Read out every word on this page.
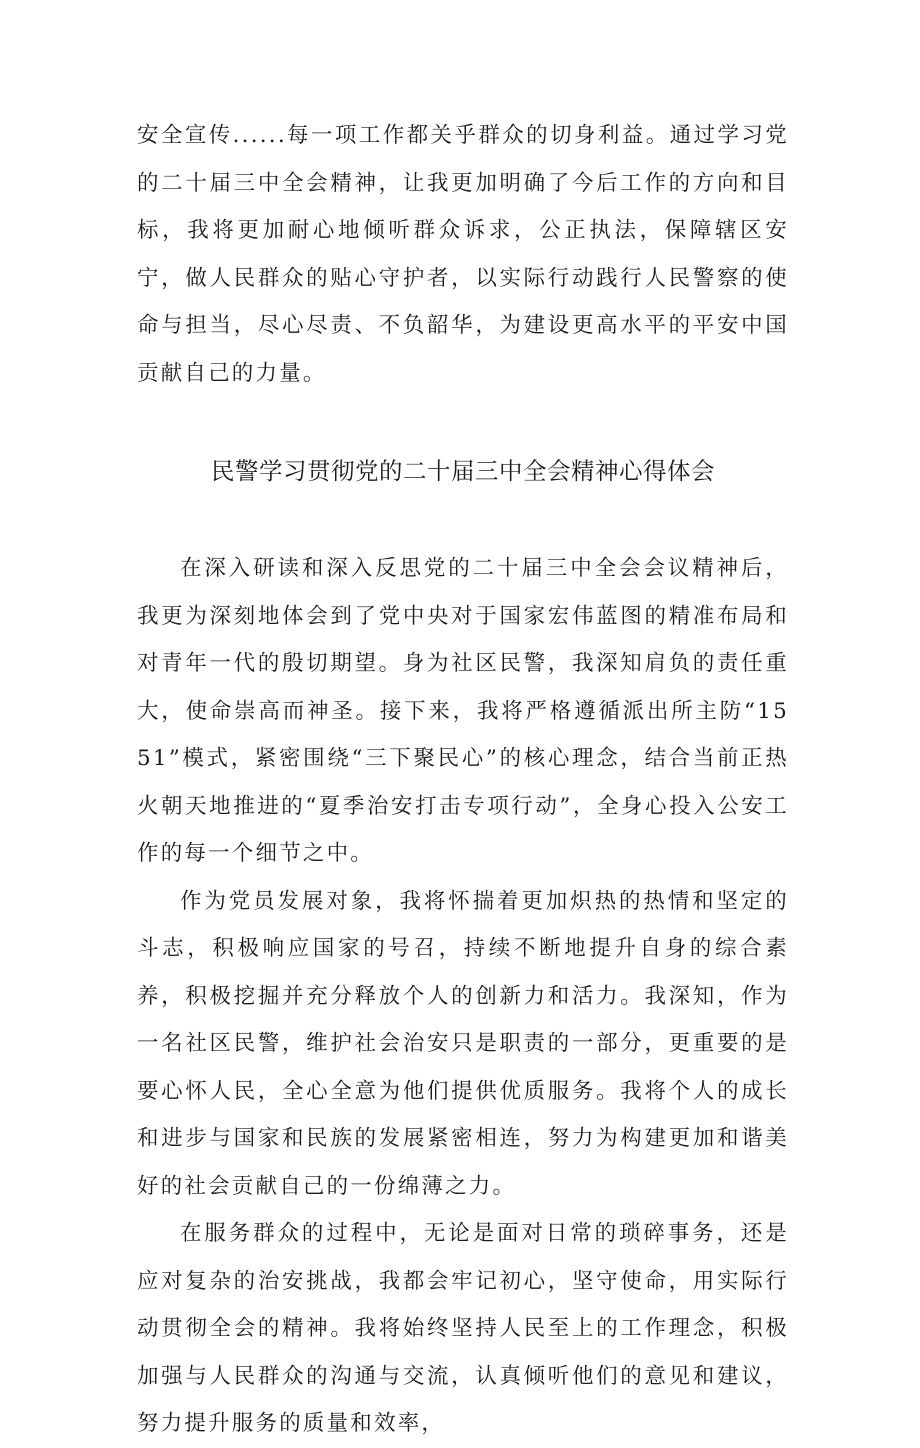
安全宣传......每一项工作都关乎群众的切身利益。通过学习党的二十届三中全会精神，让我更加明确了今后工作的方向和目标，我将更加耐心地倾听群众诉求，公正执法，保障辖区安宁，做人民群众的贴心守护者，以实际行动践行人民警察的使命与担当，尽心尽责、不负韶华，为建设更高水平的平安中国贡献自己的力量。

民警学习贯彻党的二十届三中全会精神心得体会

在深入研读和深入反思党的二十届三中全会会议精神后，我更为深刻地体会到了党中央对于国家宏伟蓝图的精准布局和对青年一代的殷切期望。身为社区民警，我深知肩负的责任重大，使命崇高而神圣。接下来，我将严格遵循派出所主防“1551”模式，紧密围绕“三下聚民心”的核心理念，结合当前正热火朝天地推进的“夏季治安打击专项行动”，全身心投入公安工作的每一个细节之中。

作为党员发展对象，我将怀揣着更加炽热的热情和坚定的斗志，积极响应国家的号召，持续不断地提升自身的综合素养，积极挖掘并充分释放个人的创新力和活力。我深知，作为一名社区民警，维护社会治安只是职责的一部分，更重要的是要心怀人民，全心全意为他们提供优质服务。我将个人的成长和进步与国家和民族的发展紧密相连，努力为构建更加和谐美好的社会贡献自己的一份绵薄之力。

在服务群众的过程中，无论是面对日常的琐碎事务，还是应对复杂的治安挑战，我都会牢记初心，坚守使命，用实际行动贯彻全会的精神。我将始终坚持人民至上的工作理念，积极加强与人民群众的沟通与交流，认真倾听他们的意见和建议，努力提升服务的质量和效率，
